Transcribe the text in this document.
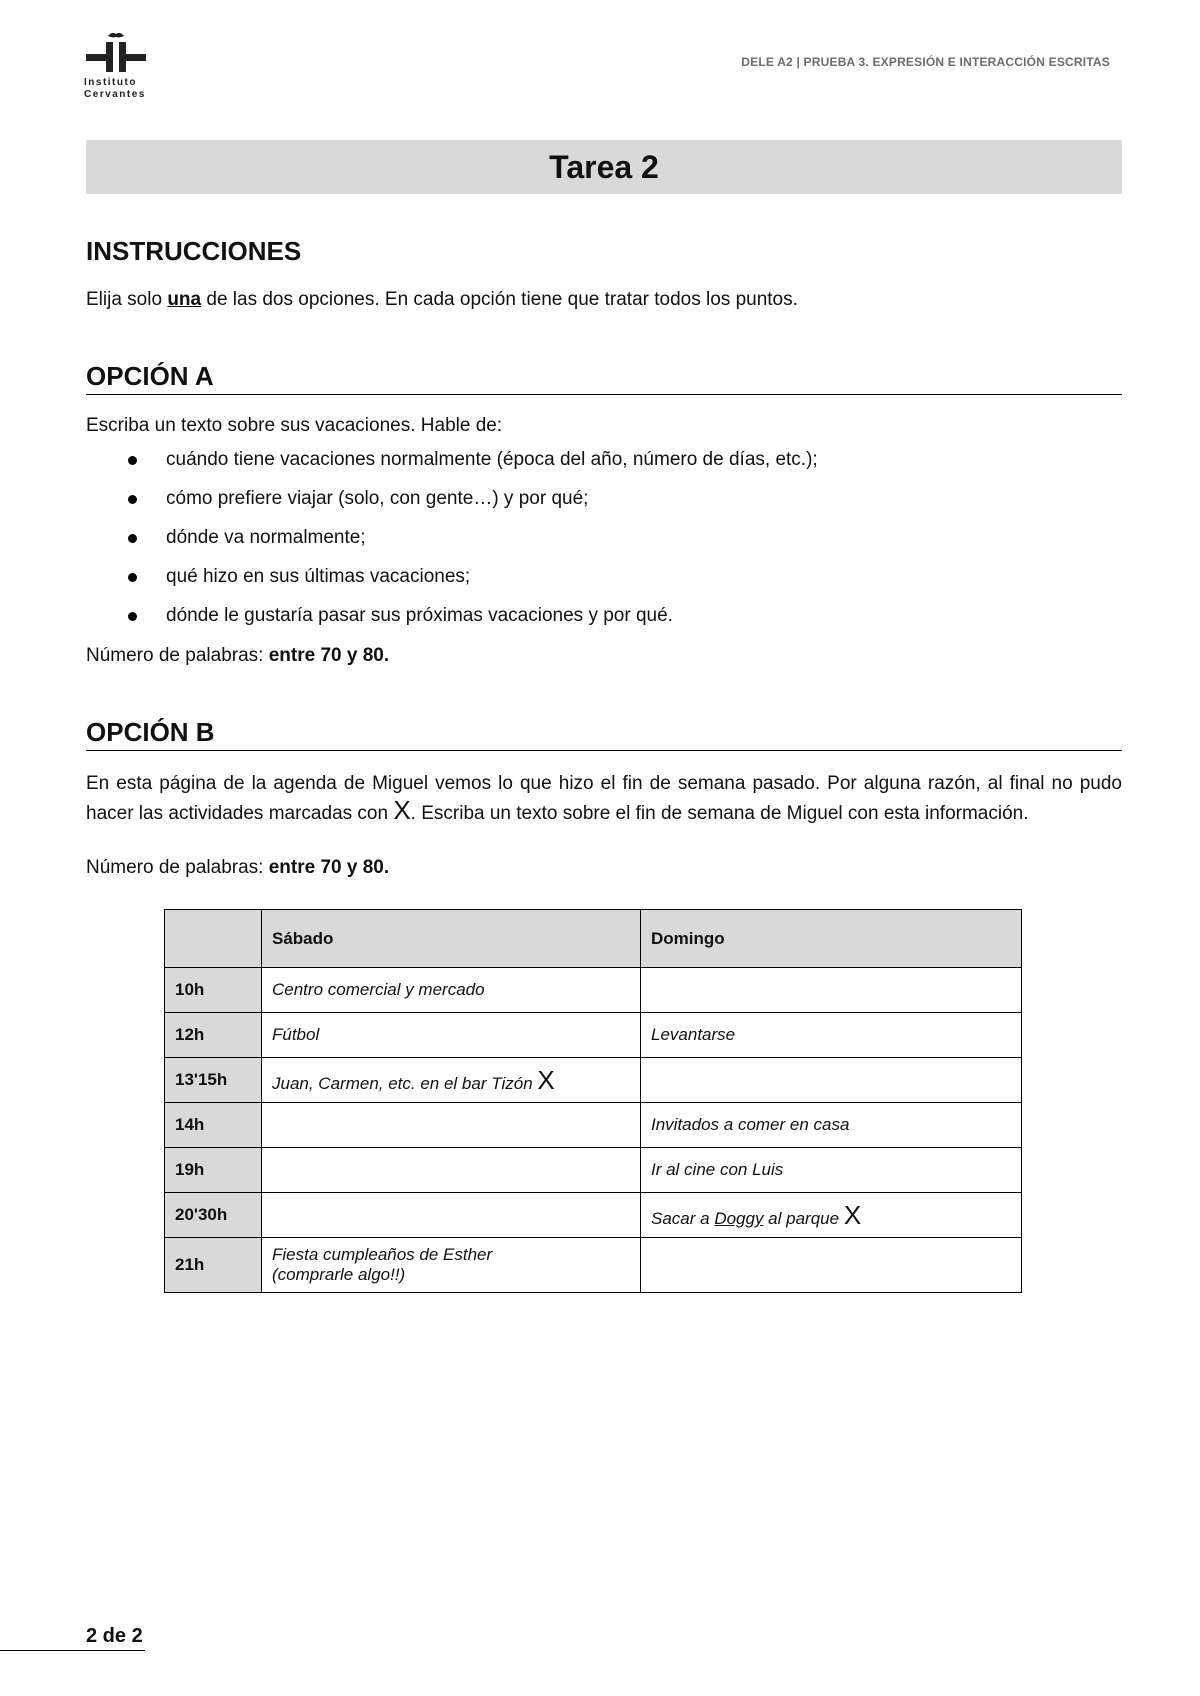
Instituto
Cervantes
DELE A2 | PRUEBA 3. EXPRESIÓN E INTERACCIÓN ESCRITAS
Tarea 2
INSTRUCCIONES

Elija solo una de las dos opciones. En cada opción tiene que tratar todos los puntos.

OPCIÓN A

Escriba un texto sobre sus vacaciones. Hable de:

cuándo tiene vacaciones normalmente (época del año, número de días, etc.);
cómo prefiere viajar (solo, con gente…) y por qué;
dónde va normalmente;
qué hizo en sus últimas vacaciones;
dónde le gustaría pasar sus próximas vacaciones y por qué.

Número de palabras: entre 70 y 80.

OPCIÓN B

En esta página de la agenda de Miguel vemos lo que hizo el fin de semana pasado. Por alguna razón, al final no pudo hacer las actividades marcadas con X. Escriba un texto sobre el fin de semana de Miguel con esta información.

Número de palabras: entre 70 y 80.

	Sábado	Domingo
10h	Centro comercial y mercado	
12h	Fútbol	Levantarse
13'15h	Juan, Carmen, etc. en el bar Tizón X	
14h		Invitados a comer en casa
19h		Ir al cine con Luis
20'30h		Sacar a Doggy al parque X
21h	Fiesta cumpleaños de Esther
(comprarle algo!!)	

2 de 2
